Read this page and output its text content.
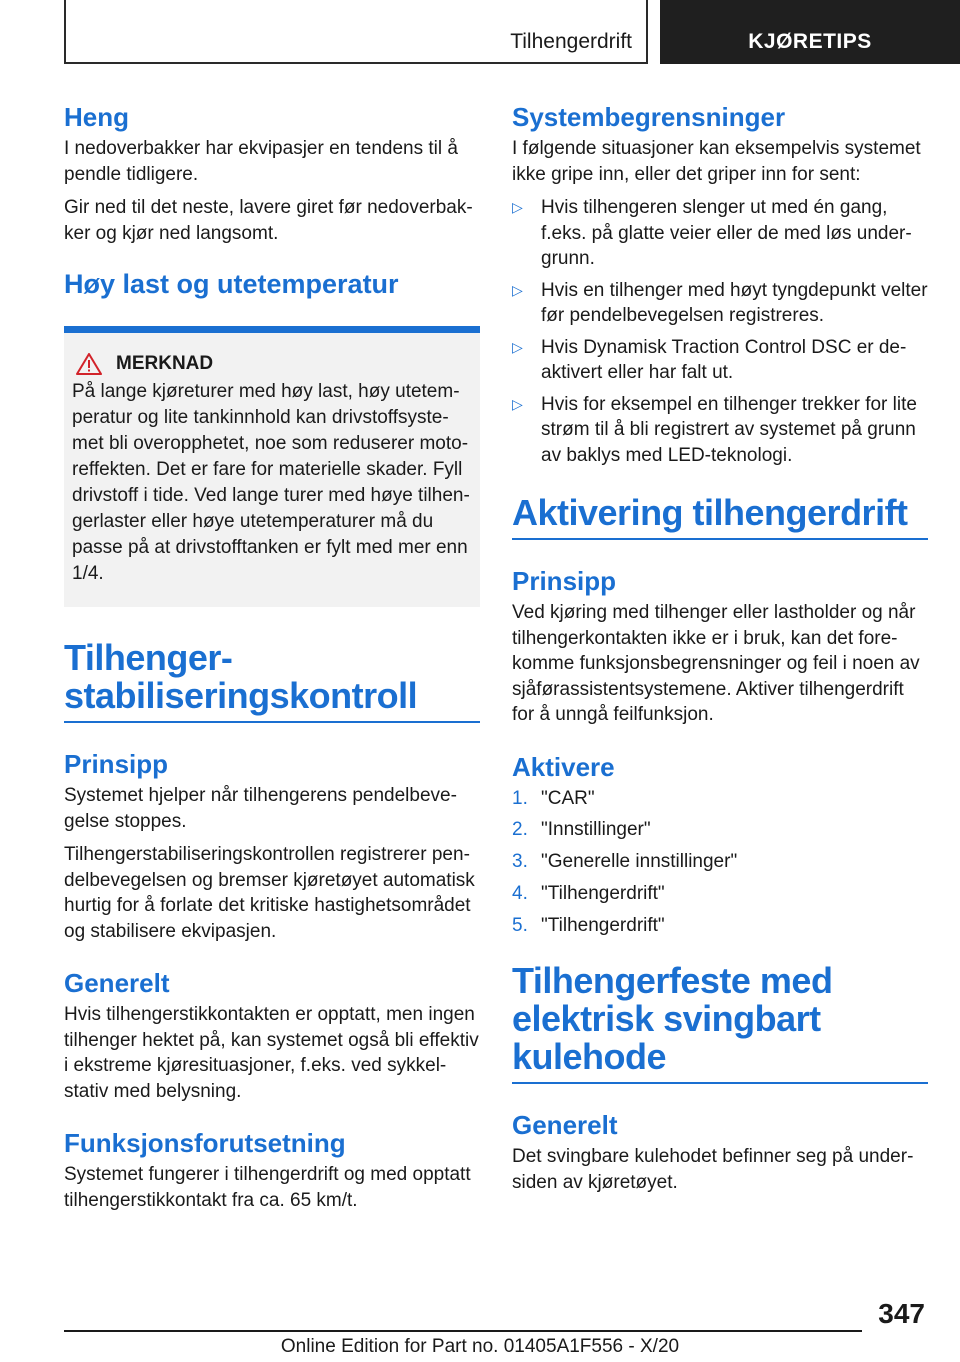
Tilhengerdrift	KJØRETIPS
Heng

I nedoverbakker har ekvipasjer en tendens til å pendle tidligere.

Gir ned til det neste, lavere giret før nedoverbakker og kjør ned langsomt.

Høy last og utetemperatur
MERKNAD

På lange kjøreturer med høy last, høy utetemperatur og lite tankinnhold kan drivstoffsystemet bli overopphetet, noe som reduserer motoreffekten. Det er fare for materielle skader. Fyll drivstoff i tide. Ved lange turer med høye tilhengerlaster eller høye utetemperaturer må du passe på at drivstofftanken er fylt med mer enn 1/4.

Tilhengerstabiliseringskontroll
Prinsipp

Systemet hjelper når tilhengerens pendelbevegelse stoppes.

Tilhengerstabiliseringskontrollen registrerer pendelbevegelsen og bremser kjøretøyet automatisk hurtig for å forlate det kritiske hastighetsområdet og stabilisere ekvipasjen.

Generelt

Hvis tilhengerstikkontakten er opptatt, men ingen tilhenger hektet på, kan systemet også bli effektiv i ekstreme kjøresituasjoner, f.eks. ved sykkelstativ med belysning.

Funksjonsforutsetning

Systemet fungerer i tilhengerdrift og med opptatt tilhengerstikkontakt fra ca. 65 km/t.

Systembegrensninger

I følgende situasjoner kan eksempelvis systemet ikke gripe inn, eller det griper inn for sent:

▷ Hvis tilhengeren slenger ut med én gang, f.eks. på glatte veier eller de med løs undergrunn.
▷ Hvis en tilhenger med høyt tyngdepunkt velter før pendelbevegelsen registreres.
▷ Hvis Dynamisk Traction Control DSC er deaktivert eller har falt ut.
▷ Hvis for eksempel en tilhenger trekker for lite strøm til å bli registrert av systemet på grunn av baklys med LED-teknologi.
Aktivering tilhengerdrift
Prinsipp

Ved kjøring med tilhenger eller lastholder og når tilhengerkontakten ikke er i bruk, kan det forekomme funksjonsbegrensninger og feil i noen av sjåførassistentsystemene. Aktiver tilhengerdrift for å unngå feilfunksjon.

Aktivere
1. "CAR"
2. "Innstillinger"
3. "Generelle innstillinger"
4. "Tilhengerdrift"
5. "Tilhengerdrift"
Tilhengerfeste med elektrisk svingbart kulehode
Generelt

Det svingbare kulehodet befinner seg på undersiden av kjøretøyet.

347
Online Edition for Part no. 01405A1F556 - X/20
